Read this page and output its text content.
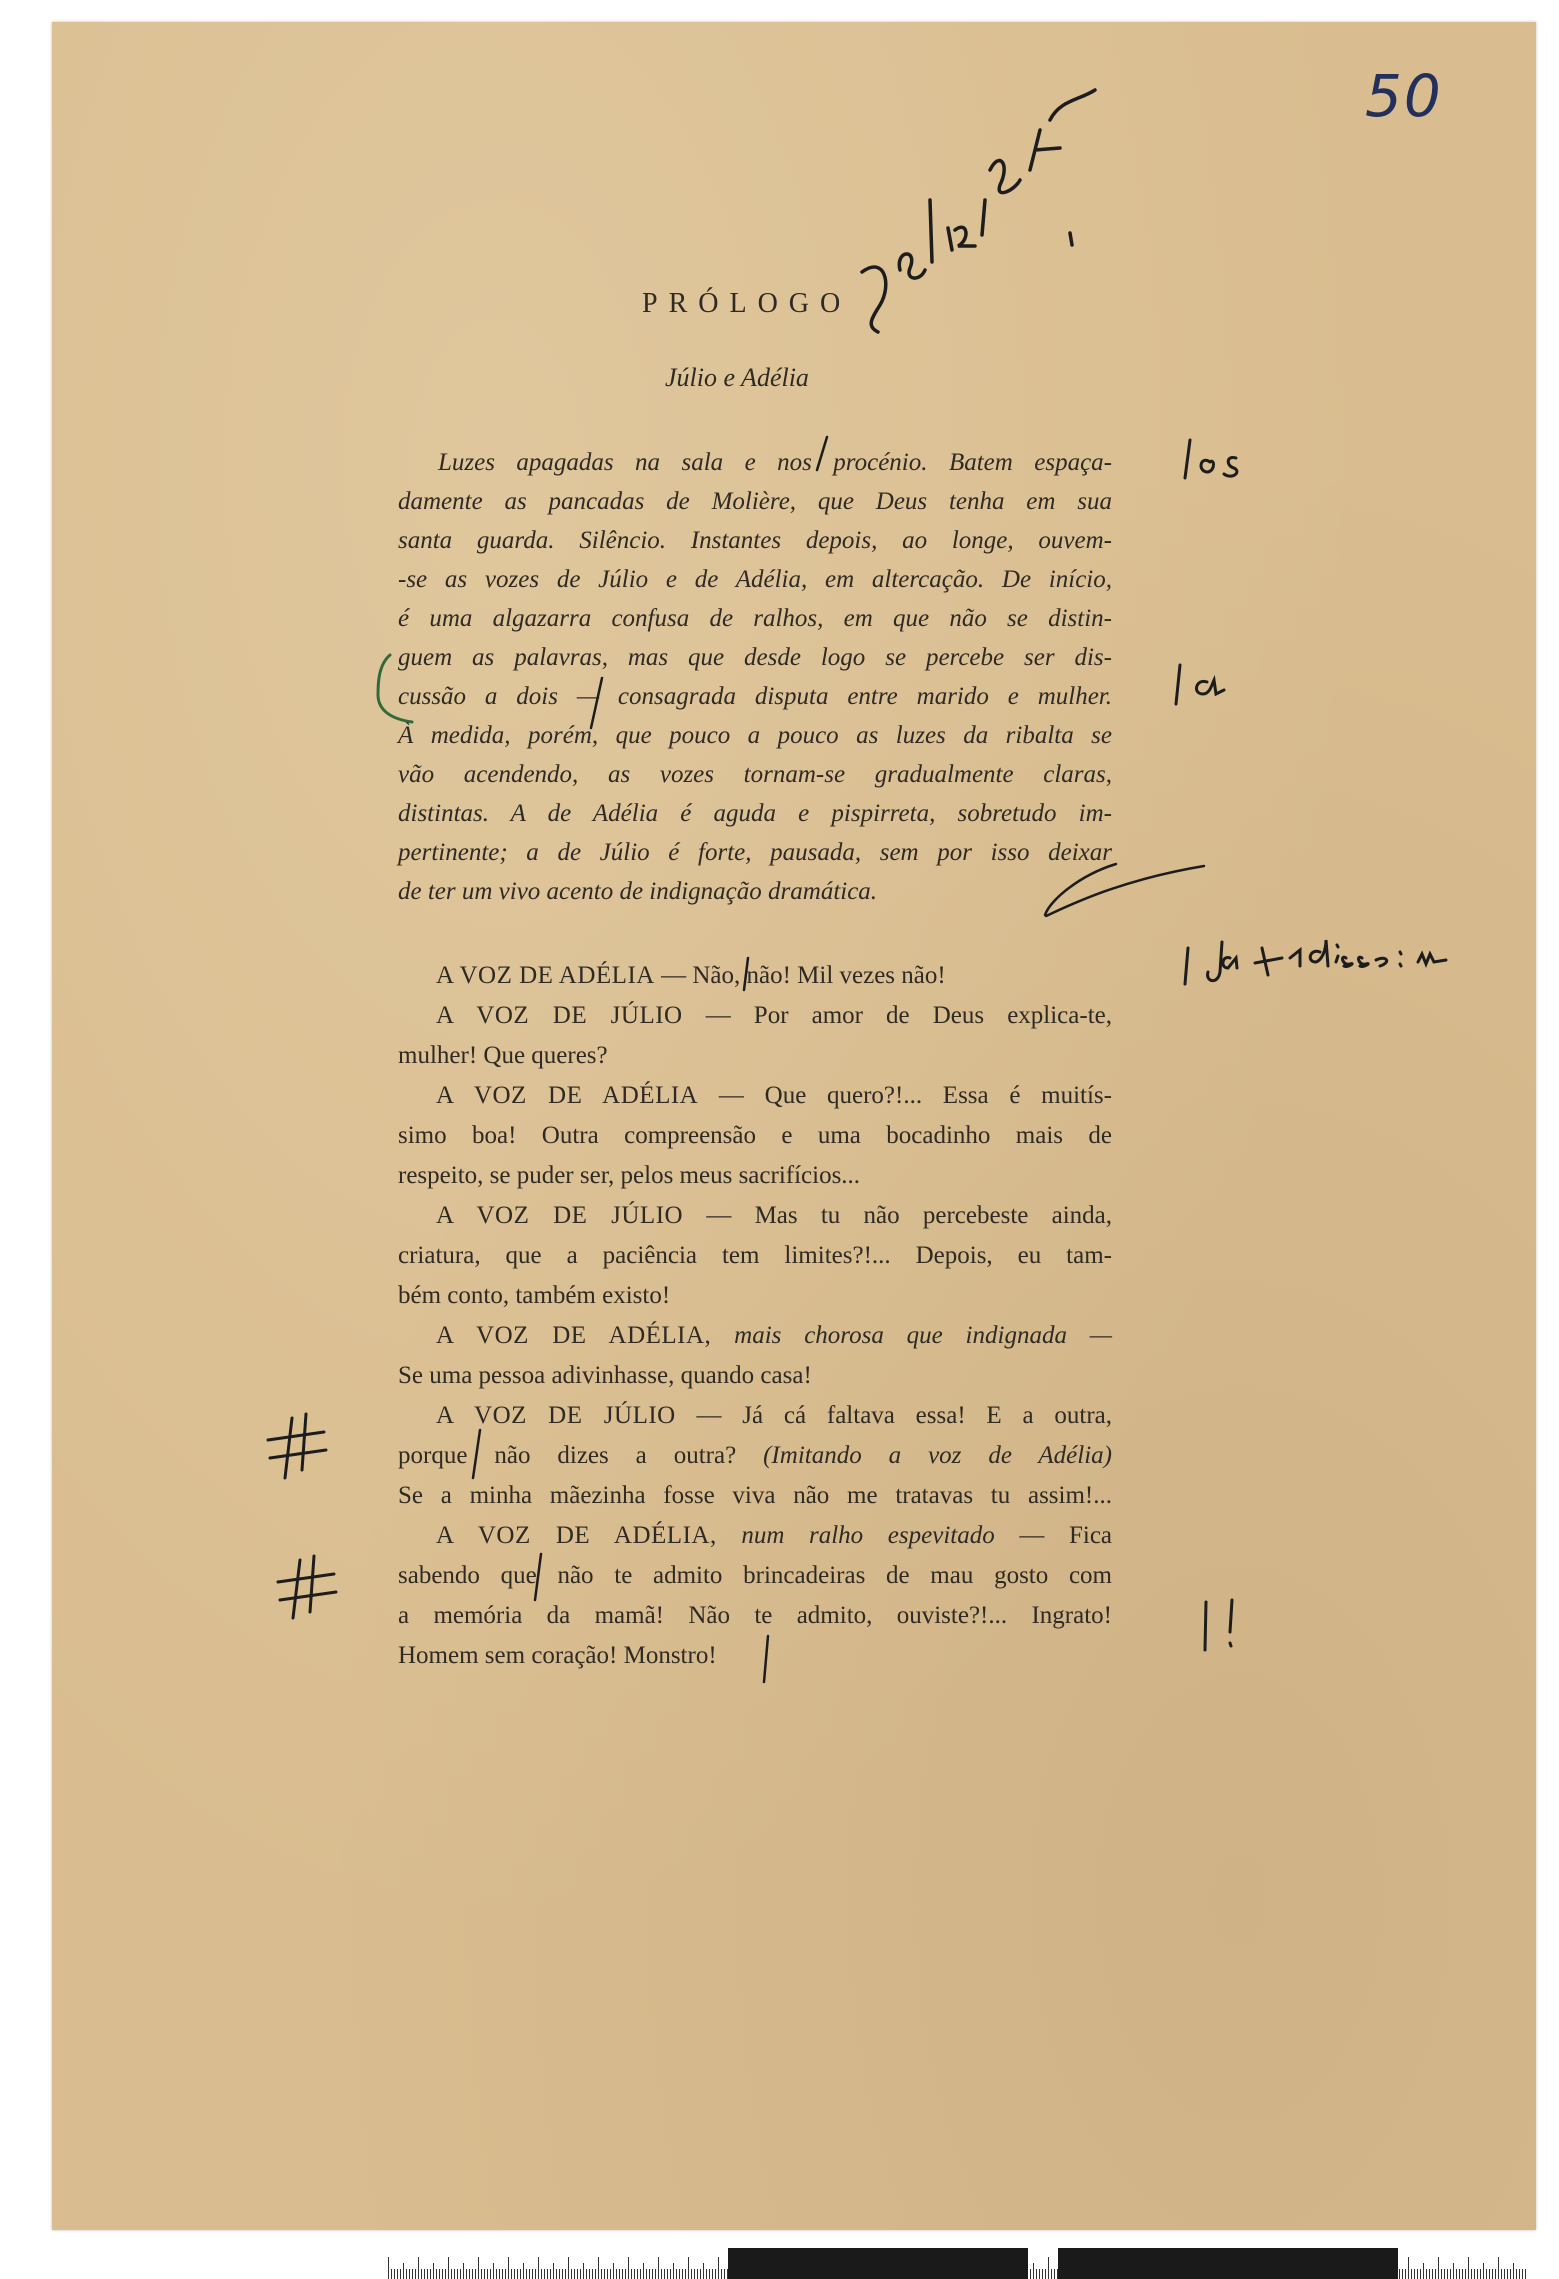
50
PRÓLOGO
Júlio e Adélia
Luzes apagadas na sala e nos procénio. Batem espaça-
damente as pancadas de Molière, que Deus tenha em sua
santa guarda. Silêncio. Instantes depois, ao longe, ouvem-
-se as vozes de Júlio e de Adélia, em altercação. De início,
é uma algazarra confusa de ralhos, em que não se distin-
guem as palavras, mas que desde logo se percebe ser dis-
cussão a dois — consagrada disputa entre marido e mulher.
À medida, porém, que pouco a pouco as luzes da ribalta se
vão acendendo, as vozes tornam-se gradualmente claras,
distintas. A de Adélia é aguda e pispirreta, sobretudo im-
pertinente; a de Júlio é forte, pausada, sem por isso deixar
de ter um vivo acento de indignação dramática.
A VOZ DE ADÉLIA — Não, não! Mil vezes não!
A VOZ DE JÚLIO — Por amor de Deus explica-te,
mulher! Que queres?
A VOZ DE ADÉLIA — Que quero?!... Essa é muitís-
simo boa! Outra compreensão e uma bocadinho mais de
respeito, se puder ser, pelos meus sacrifícios...
A VOZ DE JÚLIO — Mas tu não percebeste ainda,
criatura, que a paciência tem limites?!... Depois, eu tam-
bém conto, também existo!
A VOZ DE ADÉLIA, mais chorosa que indignada —
Se uma pessoa adivinhasse, quando casa!
A VOZ DE JÚLIO — Já cá faltava essa! E a outra,
porque não dizes a outra? (Imitando a voz de Adélia)
Se a minha mãezinha fosse viva não me tratavas tu assim!...
A VOZ DE ADÉLIA, num ralho espevitado — Fica
sabendo que não te admito brincadeiras de mau gosto com
a memória da mamã! Não te admito, ouviste?!... Ingrato!
Homem sem coração! Monstro!
